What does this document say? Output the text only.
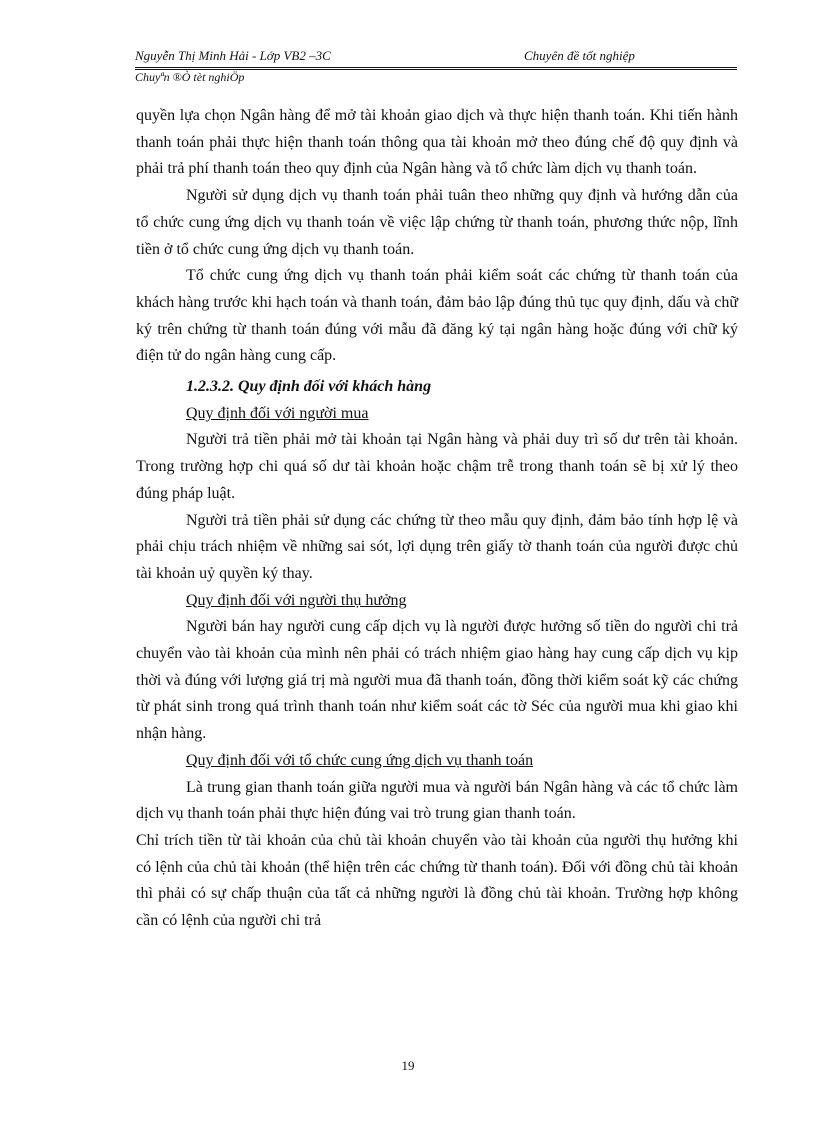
Nguyễn Thị Minh Hải - Lớp VB2 –3C	Chuyên đề tốt nghiệp
Chuyªn ®Ò tèt nghiÖp

quyền lựa chọn Ngân hàng để mở tài khoản giao dịch và thực hiện thanh toán. Khi tiến hành thanh toán phải thực hiện thanh toán thông qua tài khoản mở theo đúng chế độ quy định và phải trả phí thanh toán theo quy định của Ngân hàng và tổ chức làm dịch vụ thanh toán.

Người sử dụng dịch vụ thanh toán phải tuân theo những quy định và hướng dẫn của tổ chức cung ứng dịch vụ thanh toán về việc lập chứng từ thanh toán, phương thức nộp, lĩnh tiền ở tổ chức cung ứng dịch vụ thanh toán.

Tổ chức cung ứng dịch vụ thanh toán phải kiểm soát các chứng từ thanh toán của khách hàng trước khi hạch toán và thanh toán, đảm bảo lập đúng thủ tục quy định, dấu và chữ ký trên chứng từ thanh toán đúng với mẫu đã đăng ký tại ngân hàng hoặc đúng với chữ ký điện tử do ngân hàng cung cấp.

1.2.3.2. Quy định đối với khách hàng
Quy định đối với người mua

Người trả tiền phải mở tài khoản tại Ngân hàng và phải duy trì số dư trên tài khoản. Trong trường hợp chi quá số dư tài khoản hoặc chậm trễ trong thanh toán sẽ bị xử lý theo đúng pháp luật.

Người trả tiền phải sử dụng các chứng từ theo mẫu quy định, đảm bảo tính hợp lệ và phải chịu trách nhiệm về những sai sót, lợi dụng trên giấy tờ thanh toán của người được chủ tài khoản uỷ quyền ký thay.

Quy định đối với người thụ hưởng

Người bán hay người cung cấp dịch vụ là người được hưởng số tiền do người chi trả chuyển vào tài khoản của mình nên phải có trách nhiệm giao hàng hay cung cấp dịch vụ kịp thời và đúng với lượng giá trị mà người mua đã thanh toán, đồng thời kiểm soát kỹ các chứng từ phát sinh trong quá trình thanh toán như kiểm soát các tờ Séc của người mua khi giao khi nhận hàng.

Quy định đối với tổ chức cung ứng dịch vụ thanh toán

Là trung gian thanh toán giữa người mua và người bán Ngân hàng và các tổ chức làm dịch vụ thanh toán phải thực hiện đúng vai trò trung gian thanh toán.

Chỉ trích tiền từ tài khoản của chủ tài khoản chuyển vào tài khoản của người thụ hưởng khi có lệnh của chủ tài khoản (thể hiện trên các chứng từ thanh toán). Đối với đồng chủ tài khoản thì phải có sự chấp thuận của tất cả những người là đồng chủ tài khoản. Trường hợp không cần có lệnh của người chi trả

19
